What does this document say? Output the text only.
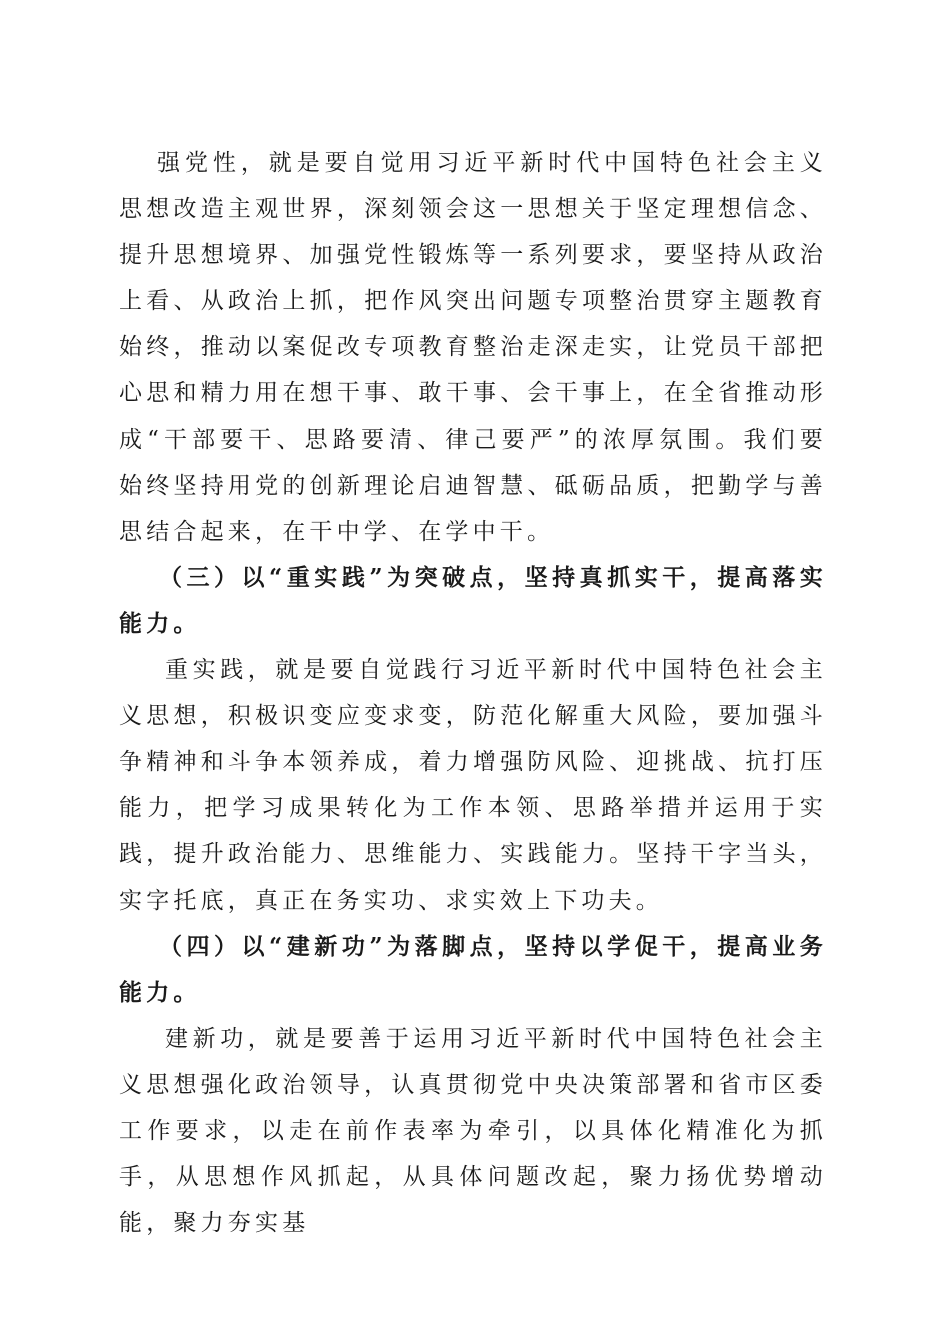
强党性，就是要自觉用习近平新时代中国特色社会主义思想改造主观世界，深刻领会这一思想关于坚定理想信念、提升思想境界、加强党性锻炼等一系列要求，要坚持从政治上看、从政治上抓，把作风突出问题专项整治贯穿主题教育始终，推动以案促改专项教育整治走深走实，让党员干部把心思和精力用在想干事、敢干事、会干事上，在全省推动形成“干部要干、思路要清、律己要严”的浓厚氛围。我们要始终坚持用党的创新理论启迪智慧、砥砺品质，把勤学与善思结合起来，在干中学、在学中干。

（三）以“重实践”为突破点，坚持真抓实干，提高落实能力。

重实践，就是要自觉践行习近平新时代中国特色社会主义思想，积极识变应变求变，防范化解重大风险，要加强斗争精神和斗争本领养成，着力增强防风险、迎挑战、抗打压能力，把学习成果转化为工作本领、思路举措并运用于实践，提升政治能力、思维能力、实践能力。坚持干字当头，实字托底，真正在务实功、求实效上下功夫。

（四）以“建新功”为落脚点，坚持以学促干，提高业务能力。

建新功，就是要善于运用习近平新时代中国特色社会主义思想强化政治领导，认真贯彻党中央决策部署和省市区委工作要求，以走在前作表率为牵引，以具体化精准化为抓手，从思想作风抓起，从具体问题改起，聚力扬优势增动能，聚力夯实基
